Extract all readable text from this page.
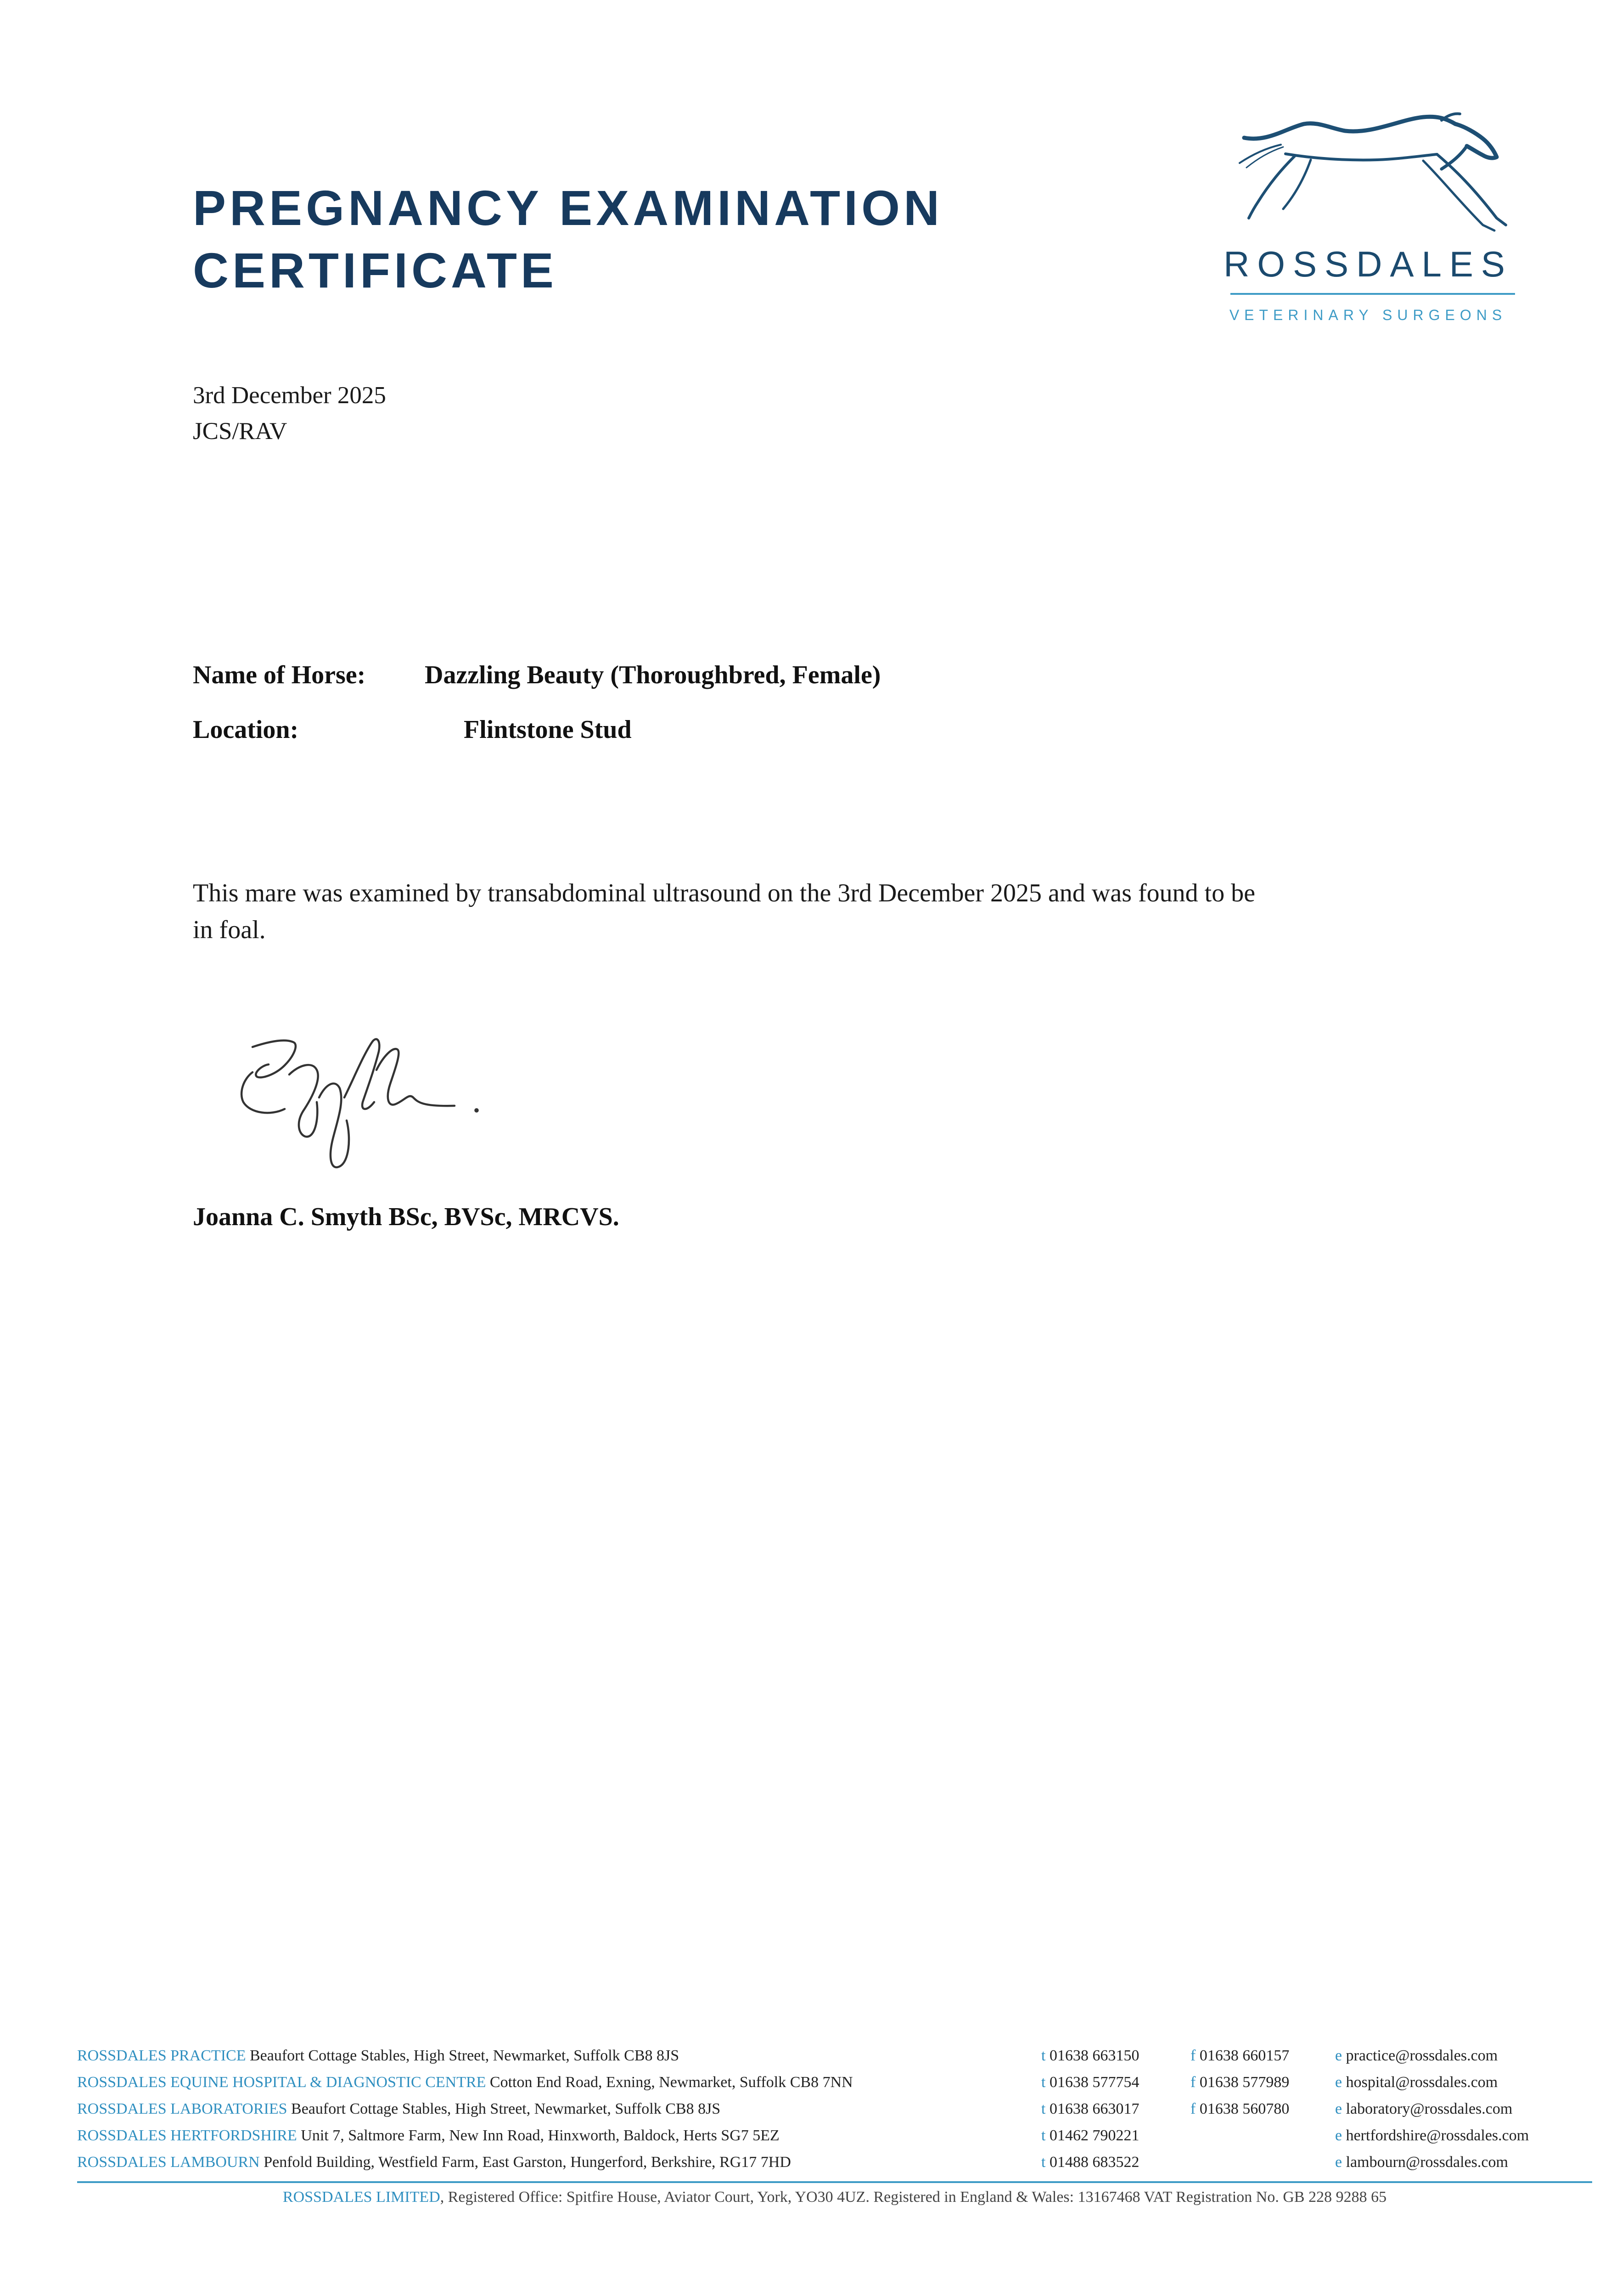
PREGNANCY EXAMINATION
CERTIFICATE	ROSSDALES
VETERINARY SURGEONS
3rd December 2025
JCS/RAV
Name of Horse: Dazzling Beauty (Thoroughbred, Female)
Location:	Flintstone Stud
This mare was examined by transabdominal ultrasound on the 3rd December 2025 and was found to be
in foal.
Joanna C. Smyth BSc, BVSc, MRCVS.
ROSSDALES PRACTICE Beaufort Cottage Stables, High Street, Newmarket, Suffolk CB8 8JS	t 01638 663150	f 01638 660157	e practice@rossdales.com
ROSSDALES EQUINE HOSPITAL & DIAGNOSTIC CENTRE Cotton End Road, Exning, Newmarket, Suffolk CB8 7NN	t 01638 577754	f 01638 577989	e hospital@rossdales.com
ROSSDALES LABORATORIES Beaufort Cottage Stables, High Street, Newmarket, Suffolk CB8 8JS	t 01638 663017	f 01638 560780	e laboratory@rossdales.com
ROSSDALES HERTFORDSHIRE Unit 7, Saltmore Farm, New Inn Road, Hinxworth, Baldock, Herts SG7 5EZ	t 01462 790221	e hertfordshire@rossdales.com
ROSSDALES LAMBOURN Penfold Building, Westfield Farm, East Garston, Hungerford, Berkshire, RG17 7HD	t 01488 683522	e lambourn@rossdales.com
ROSSDALES LIMITED, Registered Office: Spitfire House, Aviator Court, York, YO30 4UZ. Registered in England & Wales: 13167468 VAT Registration No. GB 228 9288 65
